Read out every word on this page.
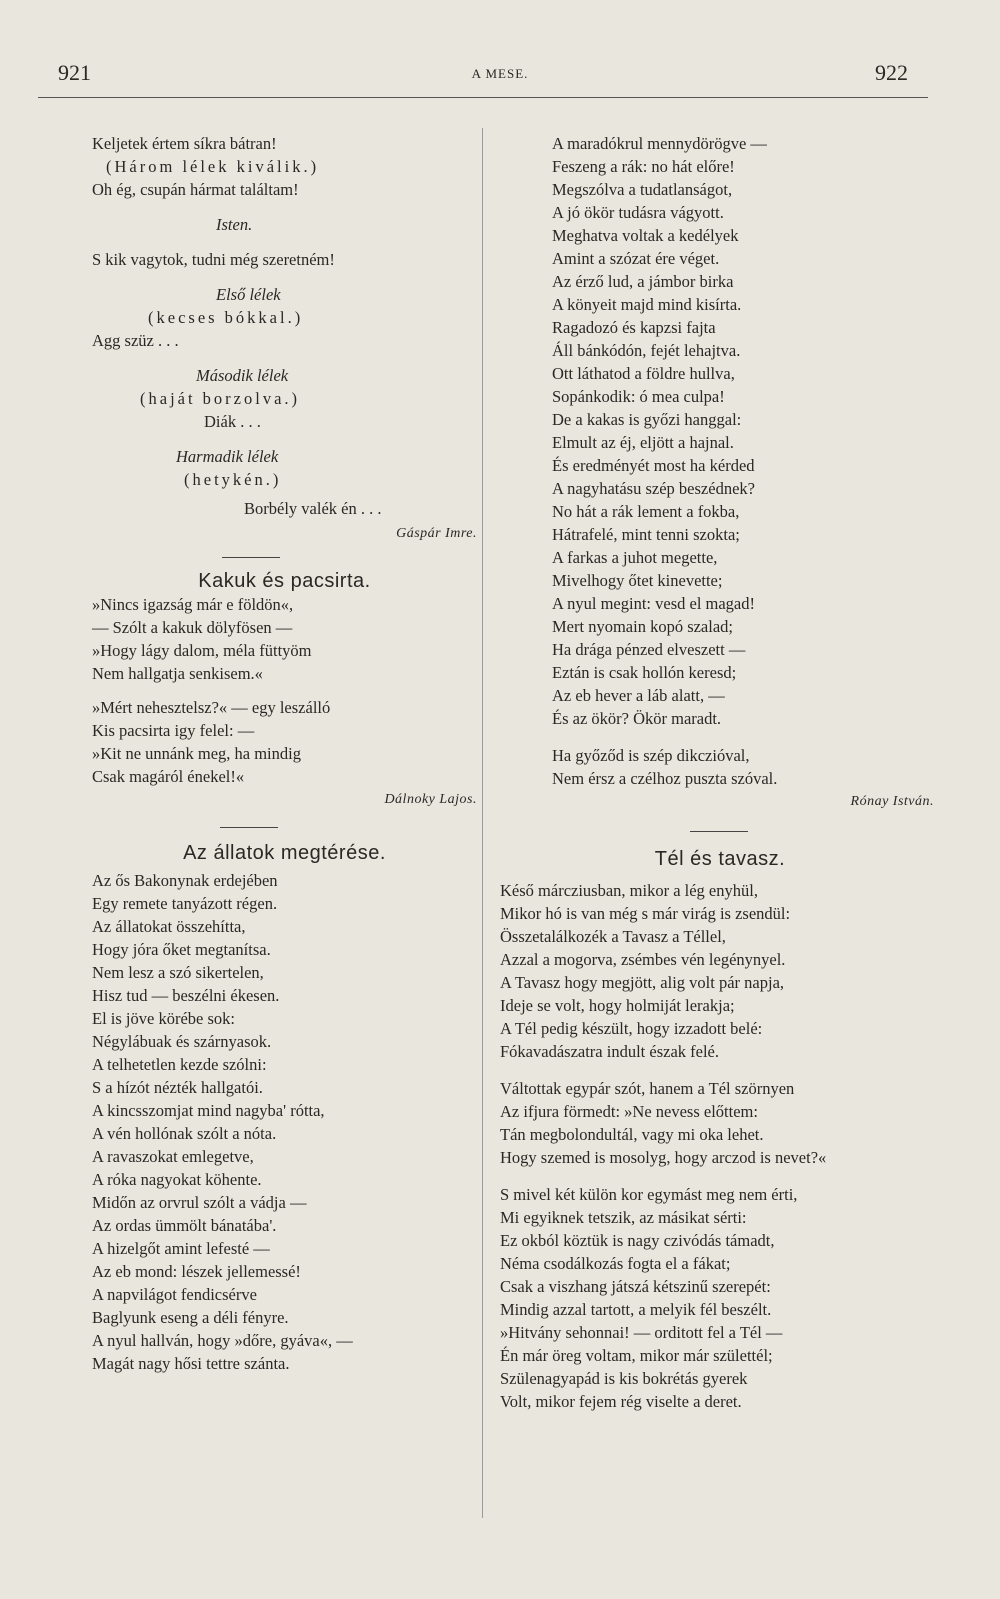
921	A MESE.	922
Keljetek értem síkra bátran!
(Három lélek kiválik.)
Oh ég, csupán hármat találtam!
Isten.
S kik vagytok, tudni még szeretném!
Első lélek
(kecses bókkal.)
Agg szüz . . .
Második lélek
(haját borzolva.)
Diák . . .
Harmadik lélek
(hetykén.)
Borbély valék én . . .
Gáspár Imre.
Kakuk és pacsirta.
»Nincs igazság már e földön«,
— Szólt a kakuk dölyfösen —
»Hogy lágy dalom, méla füttyöm
Nem hallgatja senkisem.«
»Mért nehesztelsz?« — egy leszálló
Kis pacsirta igy felel: —
»Kit ne unnánk meg, ha mindig
Csak magáról énekel!«
Dálnoky Lajos.
Az állatok megtérése.
Az ős Bakonynak erdejében
Egy remete tanyázott régen.
Az állatokat összehítta,
Hogy jóra őket megtanítsa.
Nem lesz a szó sikertelen,
Hisz tud — beszélni ékesen.
El is jöve körébe sok:
Négylábuak és szárnyasok.
A telhetetlen kezde szólni:
S a hízót nézték hallgatói.
A kincsszomjat mind nagyba' rótta,
A vén hollónak szólt a nóta.
A ravaszokat emlegetve,
A róka nagyokat köhente.
Midőn az orvrul szólt a vádja —
Az ordas ümmölt bánatába'.
A hizelgőt amint lefesté —
Az eb mond: lészek jellemessé!
A napvilágot fendicsérve
Baglyunk eseng a déli fényre.
A nyul hallván, hogy »dőre, gyáva«, —
Magát nagy hősi tettre szánta.
A maradókrul mennydörögve —
Feszeng a rák: no hát előre!
Megszólva a tudatlanságot,
A jó ökör tudásra vágyott.
Meghatva voltak a kedélyek
Amint a szózat ére véget.
Az érző lud, a jámbor birka
A könyeit majd mind kisírta.
Ragadozó és kapzsi fajta
Áll bánkódón, fejét lehajtva.
Ott láthatod a földre hullva,
Sopánkodik: ó mea culpa!
De a kakas is győzi hanggal:
Elmult az éj, eljött a hajnal.
És eredményét most ha kérded
A nagyhatásu szép beszédnek?
No hát a rák lement a fokba,
Hátrafelé, mint tenni szokta;
A farkas a juhot megette,
Mivelhogy őtet kinevette;
A nyul megint: vesd el magad!
Mert nyomain kopó szalad;
Ha drága pénzed elveszett —
Eztán is csak hollón keresd;
Az eb hever a láb alatt, —
És az ökör? Ökör maradt.
Ha győződ is szép dikczióval,
Nem érsz a czélhoz puszta szóval.
Rónay István.
Tél és tavasz.
Késő márcziusban, mikor a lég enyhül,
Mikor hó is van még s már virág is zsendül:
Összetalálkozék a Tavasz a Téllel,
Azzal a mogorva, zsémbes vén legénynyel.
A Tavasz hogy megjött, alig volt pár napja,
Ideje se volt, hogy holmiját lerakja;
A Tél pedig készült, hogy izzadott belé:
Fókavadászatra indult észak felé.
Váltottak egypár szót, hanem a Tél szörnyen
Az ifjura förmedt: »Ne nevess előttem:
Tán megbolondultál, vagy mi oka lehet.
Hogy szemed is mosolyg, hogy arczod is nevet?«
S mivel két külön kor egymást meg nem érti,
Mi egyiknek tetszik, az másikat sérti:
Ez okból köztük is nagy czivódás támadt,
Néma csodálkozás fogta el a fákat;
Csak a viszhang játszá kétszinű szerepét:
Mindig azzal tartott, a melyik fél beszélt.
»Hitvány sehonnai! — orditott fel a Tél —
Én már öreg voltam, mikor már születtél;
Szülenagyapád is kis bokrétás gyerek
Volt, mikor fejem rég viselte a deret.
